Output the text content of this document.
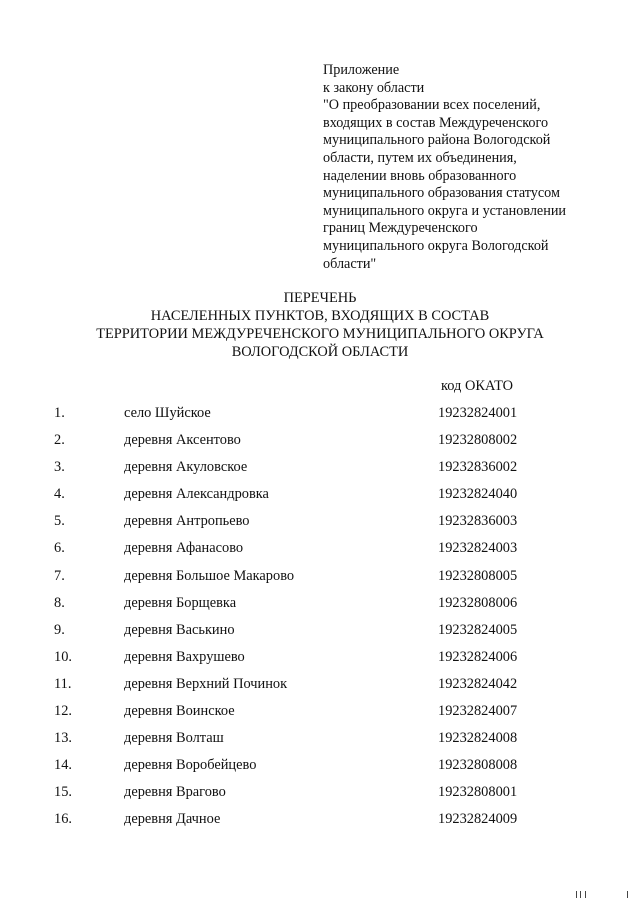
Приложение
к закону области
"О преобразовании всех поселений,
входящих в состав Междуреченского
муниципального района Вологодской
области, путем их объединения,
наделении вновь образованного
муниципального образования статусом
муниципального округа и установлении
границ Междуреченского
муниципального округа Вологодской
области"
ПЕРЕЧЕНЬ
НАСЕЛЕННЫХ ПУНКТОВ, ВХОДЯЩИХ В СОСТАВ
ТЕРРИТОРИИ МЕЖДУРЕЧЕНСКОГО МУНИЦИПАЛЬНОГО ОКРУГА
ВОЛОГОДСКОЙ ОБЛАСТИ
код ОКАТО
1.	село Шуйское	19232824001
2.	деревня Аксентово	19232808002
3.	деревня Акуловское	19232836002
4.	деревня Александровка	19232824040
5.	деревня Антропьево	19232836003
6.	деревня Афанасово	19232824003
7.	деревня Большое Макарово	19232808005
8.	деревня Борщевка	19232808006
9.	деревня Васькино	19232824005
10.	деревня Вахрушево	19232824006
11.	деревня Верхний Починок	19232824042
12.	деревня Воинское	19232824007
13.	деревня Волташ	19232824008
14.	деревня Воробейцево	19232808008
15.	деревня Врагово	19232808001
16.	деревня Дачное	19232824009
